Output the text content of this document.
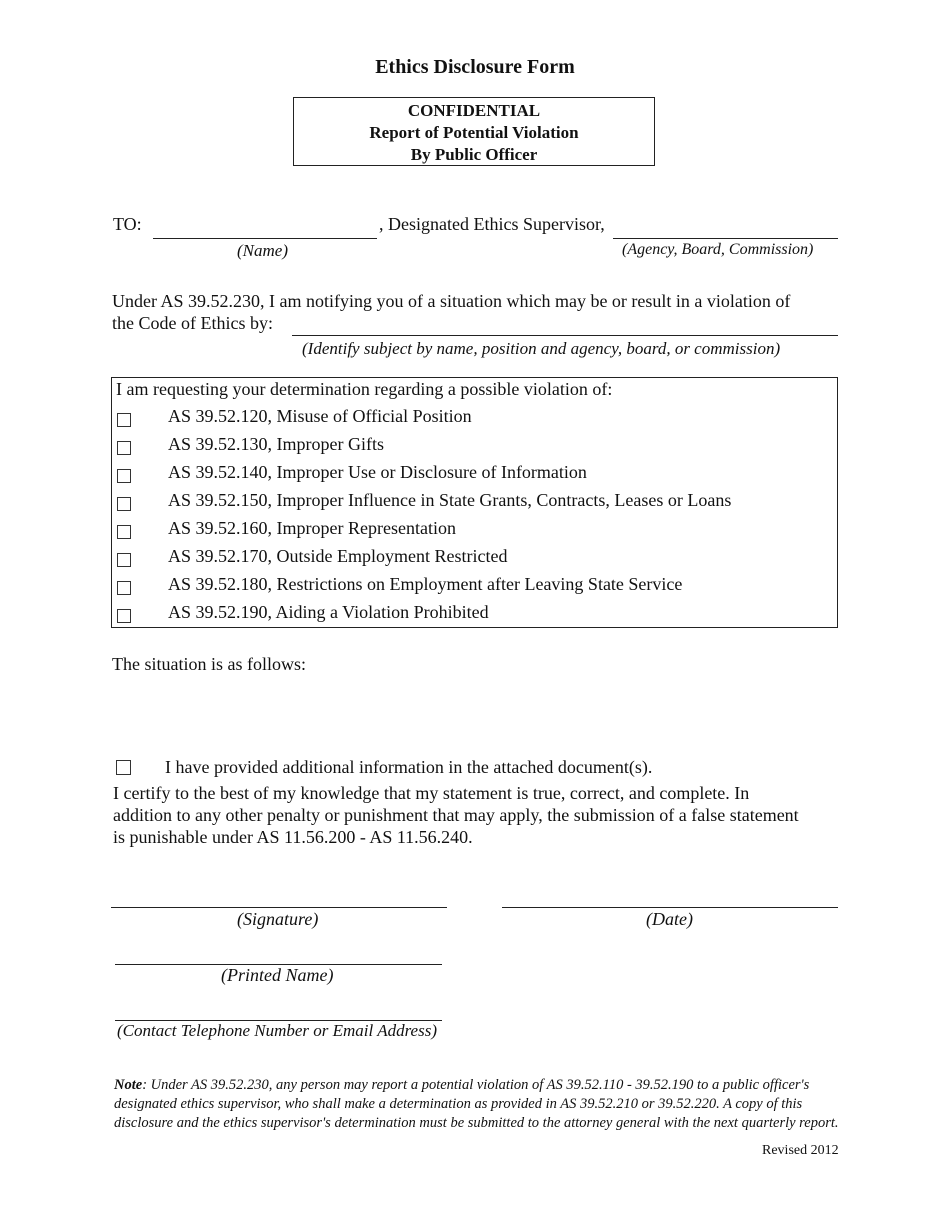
Ethics Disclosure Form
CONFIDENTIAL
Report of Potential Violation
By Public Officer
TO:	, Designated Ethics Supervisor,
(Name)	(Agency, Board, Commission)
Under AS 39.52.230, I am notifying you of a situation which may be or result in a violation of
the Code of Ethics by:
(Identify subject by name, position and agency, board, or commission)
I am requesting your determination regarding a possible violation of:
AS 39.52.120, Misuse of Official Position
AS 39.52.130, Improper Gifts
AS 39.52.140, Improper Use or Disclosure of Information
AS 39.52.150, Improper Influence in State Grants, Contracts, Leases or Loans
AS 39.52.160, Improper Representation
AS 39.52.170, Outside Employment Restricted
AS 39.52.180, Restrictions on Employment after Leaving State Service
AS 39.52.190, Aiding a Violation Prohibited
The situation is as follows:
I have provided additional information in the attached document(s).
I certify to the best of my knowledge that my statement is true, correct, and complete. In
addition to any other penalty or punishment that may apply, the submission of a false statement
is punishable under AS 11.56.200 - AS 11.56.240.
(Signature)	(Date)
(Printed Name)
(Contact Telephone Number or Email Address)
Note: Under AS 39.52.230, any person may report a potential violation of AS 39.52.110 - 39.52.190 to a public officer's designated ethics supervisor, who shall make a determination as provided in AS 39.52.210 or 39.52.220. A copy of this disclosure and the ethics supervisor's determination must be submitted to the attorney general with the next quarterly report.
Revised 2012
